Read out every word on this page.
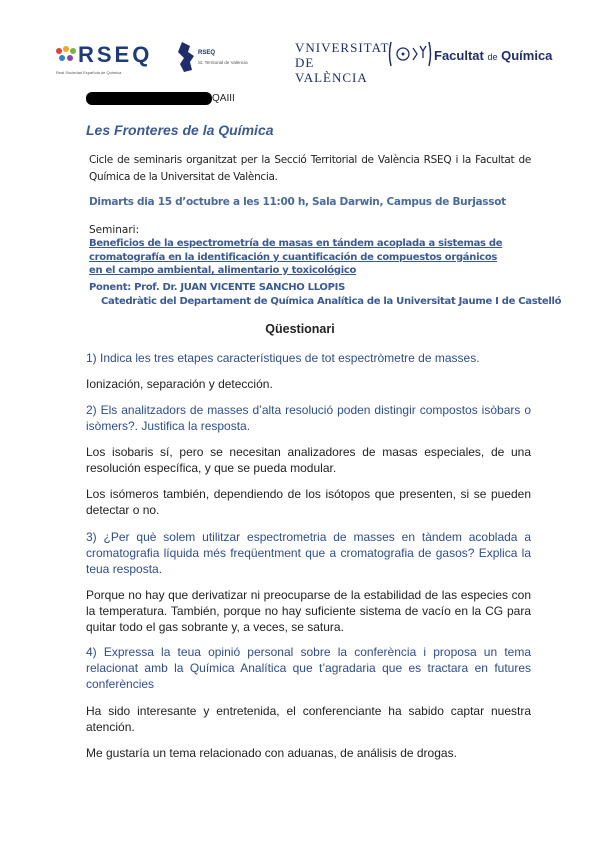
RSEQ
Real Sociedad Española de Química
RSEQ
St. Territorial de València
VNIVERSITAT
DE VALÈNCIA
Facultat de Química
QAIII
Les Fronteres de la Química
Cicle de seminaris organitzat per la Secció Territorial de València RSEQ i la Facultat de Química de la Universitat de València.
Dimarts dia 15 d’octubre a les 11:00 h, Sala Darwin, Campus de Burjassot
Seminari:
Beneficios de la espectrometría de masas en tándem acoplada a sistemas de cromatografía en la identificación y cuantificación de compuestos orgánicos en el campo ambiental, alimentario y toxicológico
Ponent: Prof. Dr. JUAN VICENTE SANCHO LLOPIS
Catedràtic del Departament de Química Analítica de la Universitat Jaume I de Castelló
Qüestionari
1) Indica les tres etapes característiques de tot espectròmetre de masses.
Ionización, separación y detección.
2) Els analitzadors de masses d’alta resolució poden distingir compostos isòbars o isòmers?. Justifica la resposta.
Los isobaris sí, pero se necesitan analizadores de masas especiales, de una resolución específica, y que se pueda modular.
Los isómeros también, dependiendo de los isótopos que presenten, si se pueden detectar o no.
3) ¿Per què solem utilitzar espectrometria de masses en tàndem acoblada a cromatografia líquida més freqüentment que a cromatografia de gasos? Explica la teua resposta.
Porque no hay que derivatizar ni preocuparse de la estabilidad de las especies con la temperatura. También, porque no hay suficiente sistema de vacío en la CG para quitar todo el gas sobrante y, a veces, se satura.
4) Expressa la teua opinió personal sobre la conferència i proposa un tema relacionat amb la Química Analítica que t’agradaria que es tractara en futures conferències
Ha sido interesante y entretenida, el conferenciante ha sabido captar nuestra atención.
Me gustaría un tema relacionado con aduanas, de análisis de drogas.
